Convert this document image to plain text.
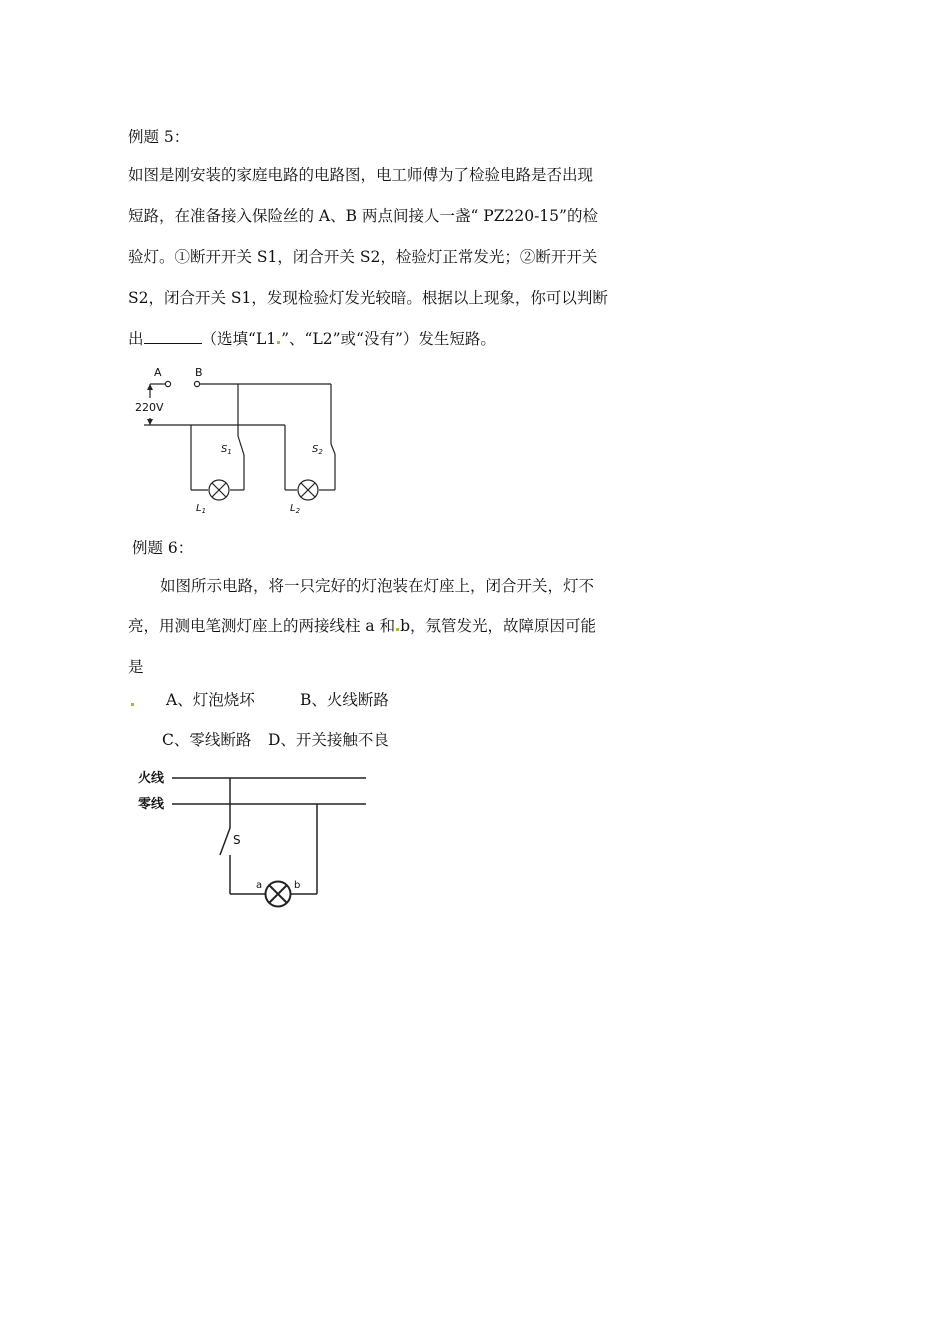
例题 5：

如图是刚安装的家庭电路的电路图，电工师傅为了检验电路是否出现

短路，在准备接入保险丝的 A、B 两点间接人一盏“ PZ220-15”的检

验灯。①断开开关 S1，闭合开关 S2，检验灯正常发光；②断开开关

S2，闭合开关 S1，发现检验灯发光较暗。根据以上现象，你可以判断

出	（选填“L1 ”、“L2”或“没有”）发生短路。

A	B
220V
$S_1$	$S_2$
$L_1$	$L_2$

例题 6：

如图所示电路，将一只完好的灯泡装在灯座上，闭合开关，灯不

亮，用测电笔测灯座上的两接线柱 a 和 b，氖管发光，故障原因可能

是

A、灯泡烧坏	B、火线断路

C、零线断路 D、开关接触不良

火线
零线
S
a	b
